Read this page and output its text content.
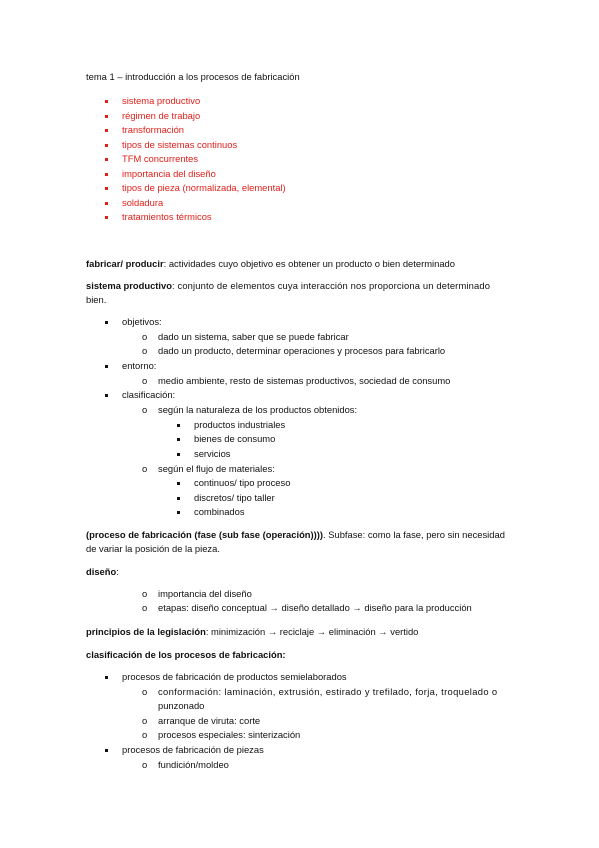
tema 1 – introducción a los procesos de fabricación
sistema productivo
régimen de trabajo
transformación
tipos de sistemas continuos
TFM concurrentes
importancia del diseño
tipos de pieza (normalizada, elemental)
soldadura
tratamientos térmicos
fabricar/ producir: actividades cuyo objetivo es obtener un producto o bien determinado
sistema productivo: conjunto de elementos cuya interacción nos proporciona un determinado
bien.
objetivos:
o dado un sistema, saber que se puede fabricar
o dado un producto, determinar operaciones y procesos para fabricarlo
entorno:
o medio ambiente, resto de sistemas productivos, sociedad de consumo
clasificación:
o según la naturaleza de los productos obtenidos:
productos industriales
bienes de consumo
servicios
o según el flujo de materiales:
continuos/ tipo proceso
discretos/ tipo taller
combinados
(proceso de fabricación (fase (sub fase (operación)))). Subfase: como la fase, pero sin necesidad
de variar la posición de la pieza.
diseño:
o importancia del diseño
o etapas: diseño conceptual → diseño detallado → diseño para la producción
principios de la legislación: minimización → reciclaje → eliminación → vertido
clasificación de los procesos de fabricación:
procesos de fabricación de productos semielaborados
o conformación: laminación, extrusión, estirado y trefilado, forja, troquelado o
punzonado
o arranque de viruta: corte
o procesos especiales: sinterización
procesos de fabricación de piezas
o fundición/moldeo
